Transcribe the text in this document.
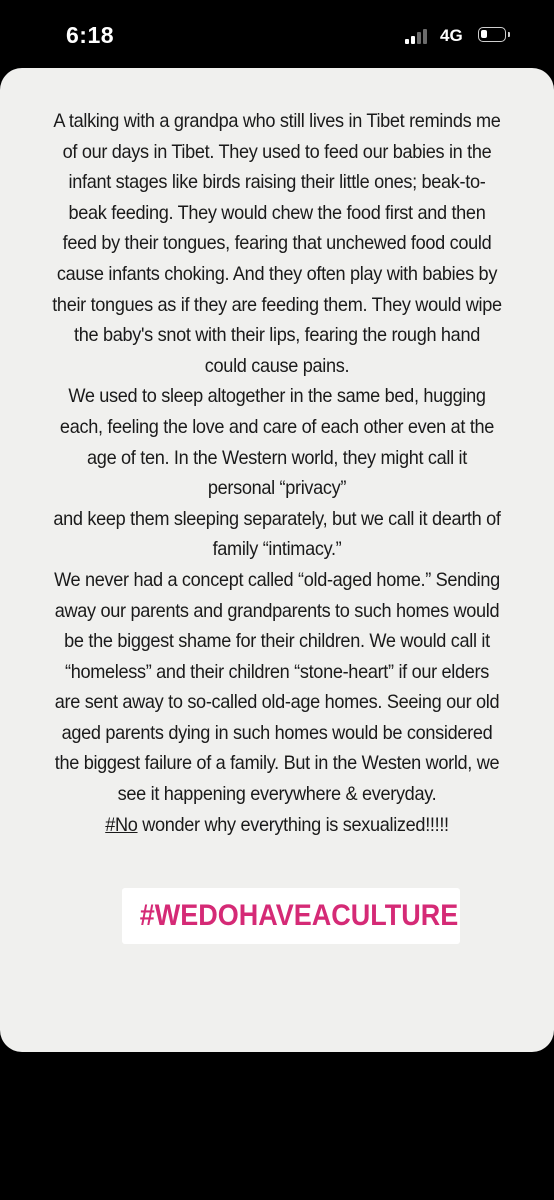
6:18	4G
A talking with a grandpa who still lives in Tibet reminds me
of our days in Tibet. They used to feed our babies in the
infant stages like birds raising their little ones; beak-to-
beak feeding. They would chew the food first and then
feed by their tongues, fearing that unchewed food could
cause infants choking. And they often play with babies by
their tongues as if they are feeding them. They would wipe
the baby's snot with their lips, fearing the rough hand
could cause pains.
We used to sleep altogether in the same bed, hugging
each, feeling the love and care of each other even at the
age of ten. In the Western world, they might call it
personal “privacy”
and keep them sleeping separately, but we call it dearth of
family “intimacy.”
We never had a concept called “old-aged home.” Sending
away our parents and grandparents to such homes would
be the biggest shame for their children. We would call it
“homeless” and their children “stone-heart” if our elders
are sent away to so-called old-age homes. Seeing our old
aged parents dying in such homes would be considered
the biggest failure of a family. But in the Westen world, we
see it happening everywhere & everyday.
#No wonder why everything is sexualized!!!!!
#WEDOHAVEACULTURE
